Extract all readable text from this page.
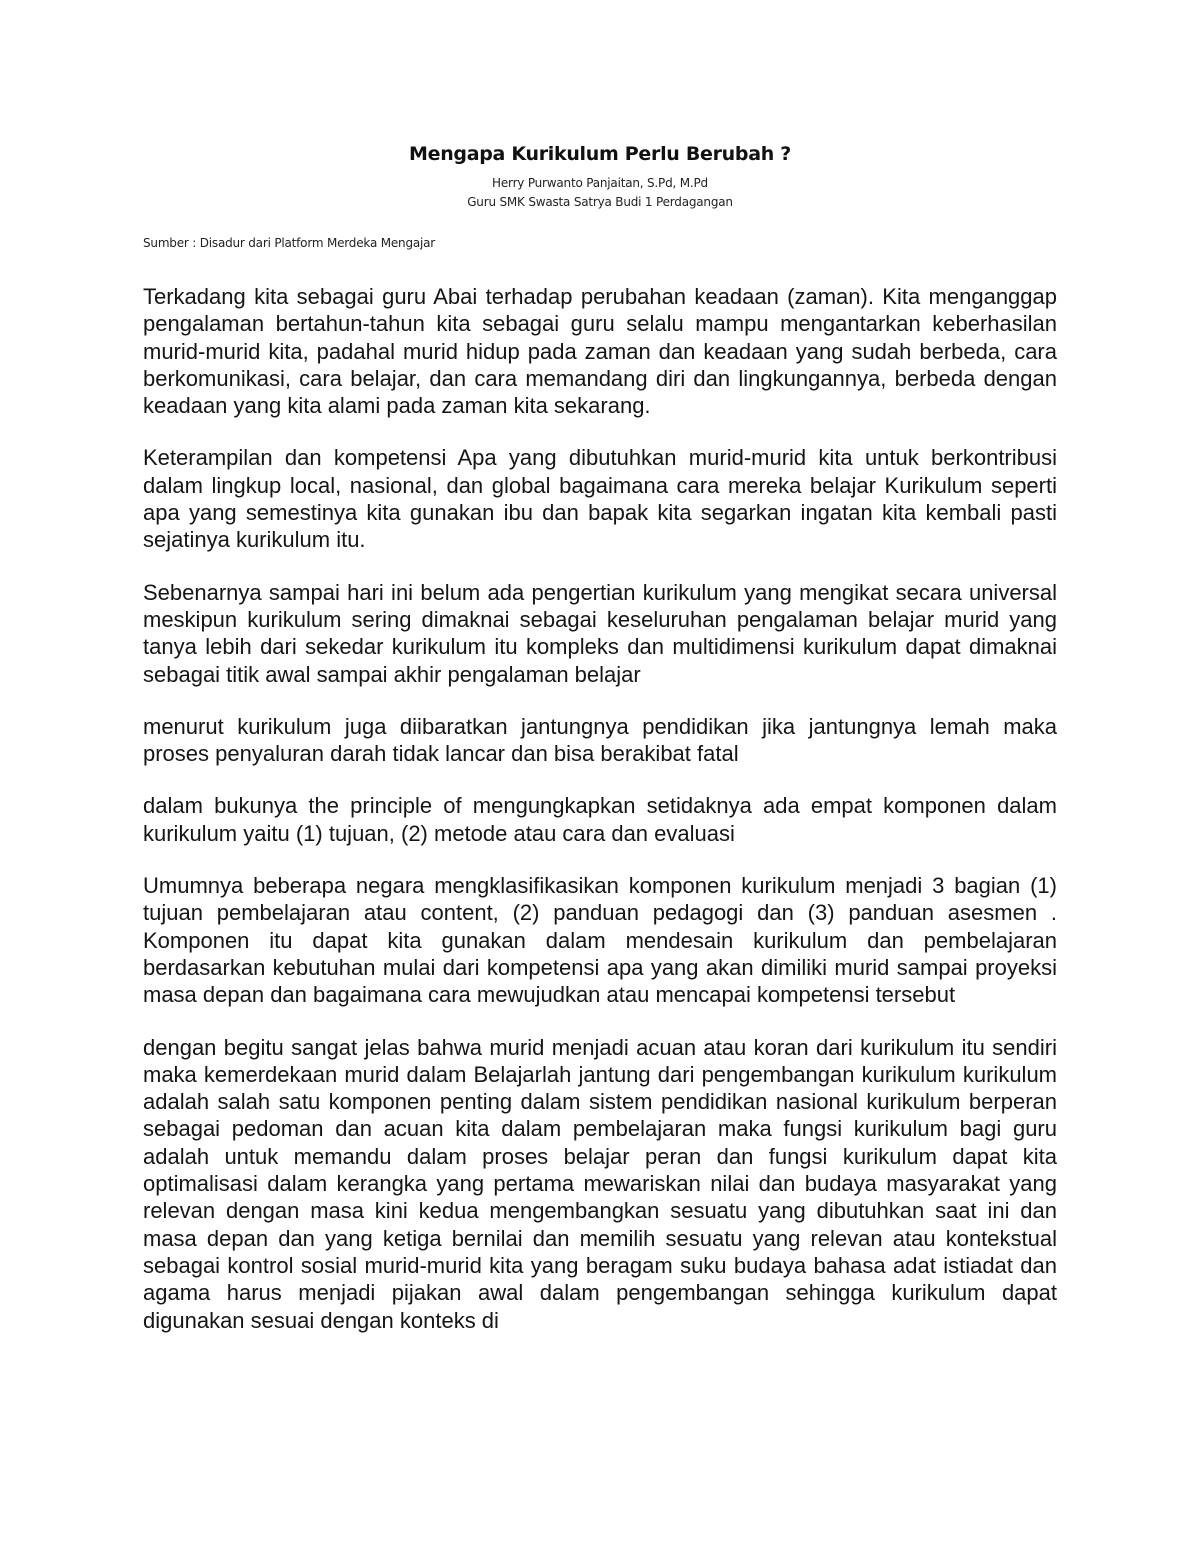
Mengapa Kurikulum Perlu Berubah ?
Herry Purwanto Panjaitan, S.Pd, M.Pd
Guru SMK Swasta Satrya Budi 1 Perdagangan
Sumber : Disadur dari Platform Merdeka Mengajar

Terkadang kita sebagai guru Abai terhadap perubahan keadaan (zaman). Kita menganggap pengalaman bertahun-tahun kita sebagai guru selalu mampu mengantarkan keberhasilan murid-murid kita, padahal murid hidup pada zaman dan keadaan yang sudah berbeda, cara berkomunikasi, cara belajar, dan cara memandang diri dan lingkungannya, berbeda dengan keadaan yang kita alami pada zaman kita sekarang.

Keterampilan dan kompetensi Apa yang dibutuhkan murid-murid kita untuk berkontribusi dalam lingkup local, nasional, dan global bagaimana cara mereka belajar Kurikulum seperti apa yang semestinya kita gunakan ibu dan bapak kita segarkan ingatan kita kembali pasti sejatinya kurikulum itu.

Sebenarnya sampai hari ini belum ada pengertian kurikulum yang mengikat secara universal meskipun kurikulum sering dimaknai sebagai keseluruhan pengalaman belajar murid yang tanya lebih dari sekedar kurikulum itu kompleks dan multidimensi kurikulum dapat dimaknai sebagai titik awal sampai akhir pengalaman belajar

menurut kurikulum juga diibaratkan jantungnya pendidikan jika jantungnya lemah maka proses penyaluran darah tidak lancar dan bisa berakibat fatal

dalam bukunya the principle of mengungkapkan setidaknya ada empat komponen dalam kurikulum yaitu (1) tujuan, (2) metode atau cara dan evaluasi

Umumnya beberapa negara mengklasifikasikan komponen kurikulum menjadi 3 bagian (1) tujuan pembelajaran atau content, (2) panduan pedagogi dan (3) panduan asesmen . Komponen itu dapat kita gunakan dalam mendesain kurikulum dan pembelajaran berdasarkan kebutuhan mulai dari kompetensi apa yang akan dimiliki murid sampai proyeksi masa depan dan bagaimana cara mewujudkan atau mencapai kompetensi tersebut

dengan begitu sangat jelas bahwa murid menjadi acuan atau koran dari kurikulum itu sendiri maka kemerdekaan murid dalam Belajarlah jantung dari pengembangan kurikulum kurikulum adalah salah satu komponen penting dalam sistem pendidikan nasional kurikulum berperan sebagai pedoman dan acuan kita dalam pembelajaran maka fungsi kurikulum bagi guru adalah untuk memandu dalam proses belajar peran dan fungsi kurikulum dapat kita optimalisasi dalam kerangka yang pertama mewariskan nilai dan budaya masyarakat yang relevan dengan masa kini kedua mengembangkan sesuatu yang dibutuhkan saat ini dan masa depan dan yang ketiga bernilai dan memilih sesuatu yang relevan atau kontekstual sebagai kontrol sosial murid-murid kita yang beragam suku budaya bahasa adat istiadat dan agama harus menjadi pijakan awal dalam pengembangan sehingga kurikulum dapat digunakan sesuai dengan konteks di
